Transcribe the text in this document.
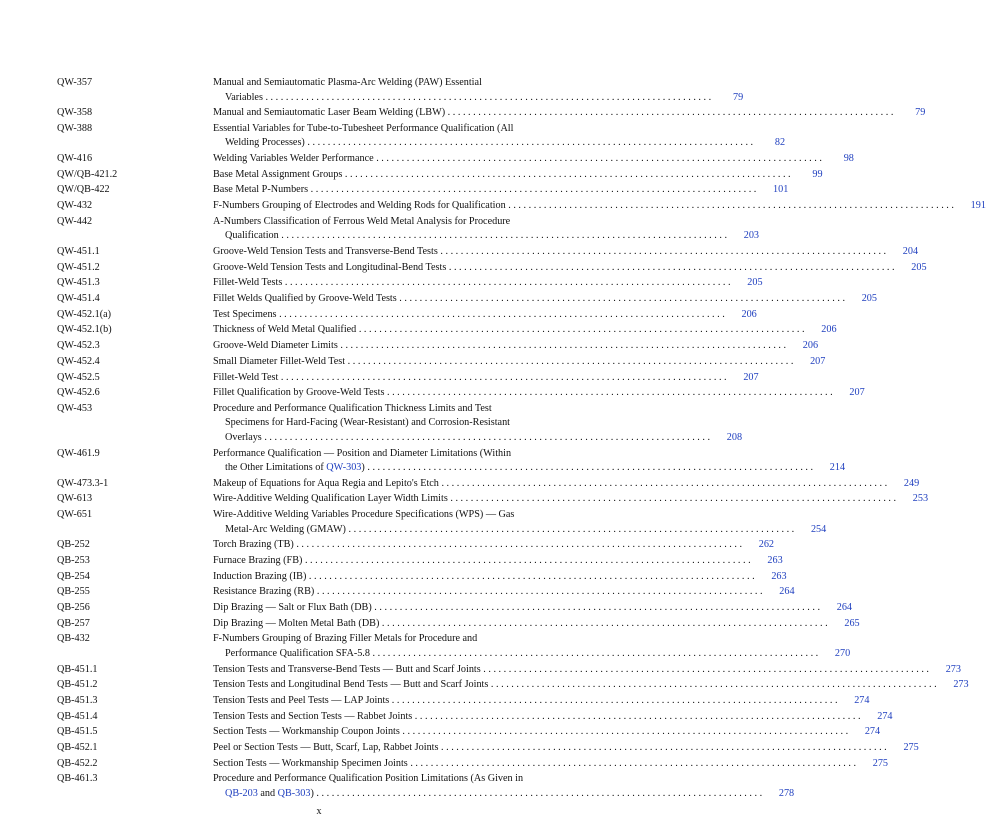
QW-357	Manual and Semiautomatic Plasma-Arc Welding (PAW) Essential
Variables . . .	79
QW-358	Manual and Semiautomatic Laser Beam Welding (LBW) . . .	79
QW-388	Essential Variables for Tube-to-Tubesheet Performance Qualification (All
Welding Processes) . . .	82
QW-416	Welding Variables Welder Performance . . .	98
QW/QB-421.2	Base Metal Assignment Groups . . .	99
QW/QB-422	Base Metal P-Numbers . . .	101
QW-432	F-Numbers Grouping of Electrodes and Welding Rods for Qualification . . .	191
QW-442	A-Numbers Classification of Ferrous Weld Metal Analysis for Procedure
Qualification . . .	203
QW-451.1	Groove-Weld Tension Tests and Transverse-Bend Tests . . .	204
QW-451.2	Groove-Weld Tension Tests and Longitudinal-Bend Tests . . .	205
QW-451.3	Fillet-Weld Tests . . .	205
QW-451.4	Fillet Welds Qualified by Groove-Weld Tests . . .	205
QW-452.1(a)	Test Specimens . . .	206
QW-452.1(b)	Thickness of Weld Metal Qualified . . .	206
QW-452.3	Groove-Weld Diameter Limits . . .	206
QW-452.4	Small Diameter Fillet-Weld Test . . .	207
QW-452.5	Fillet-Weld Test . . .	207
QW-452.6	Fillet Qualification by Groove-Weld Tests . . .	207
QW-453	Procedure and Performance Qualification Thickness Limits and Test
Specimens for Hard-Facing (Wear-Resistant) and Corrosion-Resistant
Overlays . . .	208
QW-461.9	Performance Qualification — Position and Diameter Limitations (Within
the Other Limitations of QW-303) . . .	214
QW-473.3-1	Makeup of Equations for Aqua Regia and Lepito's Etch . . .	249
QW-613	Wire-Additive Welding Qualification Layer Width Limits . . .	253
QW-651	Wire-Additive Welding Variables Procedure Specifications (WPS) — Gas
Metal-Arc Welding (GMAW) . . .	254
QB-252	Torch Brazing (TB) . . .	262
QB-253	Furnace Brazing (FB) . . .	263
QB-254	Induction Brazing (IB) . . .	263
QB-255	Resistance Brazing (RB) . . .	264
QB-256	Dip Brazing — Salt or Flux Bath (DB) . . .	264
QB-257	Dip Brazing — Molten Metal Bath (DB) . . .	265
QB-432	F-Numbers Grouping of Brazing Filler Metals for Procedure and
Performance Qualification SFA-5.8 . . .	270
QB-451.1	Tension Tests and Transverse-Bend Tests — Butt and Scarf Joints . . .	273
QB-451.2	Tension Tests and Longitudinal Bend Tests — Butt and Scarf Joints . . .	273
QB-451.3	Tension Tests and Peel Tests — LAP Joints . . .	274
QB-451.4	Tension Tests and Section Tests — Rabbet Joints . . .	274
QB-451.5	Section Tests — Workmanship Coupon Joints . . .	274
QB-452.1	Peel or Section Tests — Butt, Scarf, Lap, Rabbet Joints . . .	275
QB-452.2	Section Tests — Workmanship Specimen Joints . . .	275
QB-461.3	Procedure and Performance Qualification Position Limitations (As Given in
QB-203 and QB-303) . . .	278
x
